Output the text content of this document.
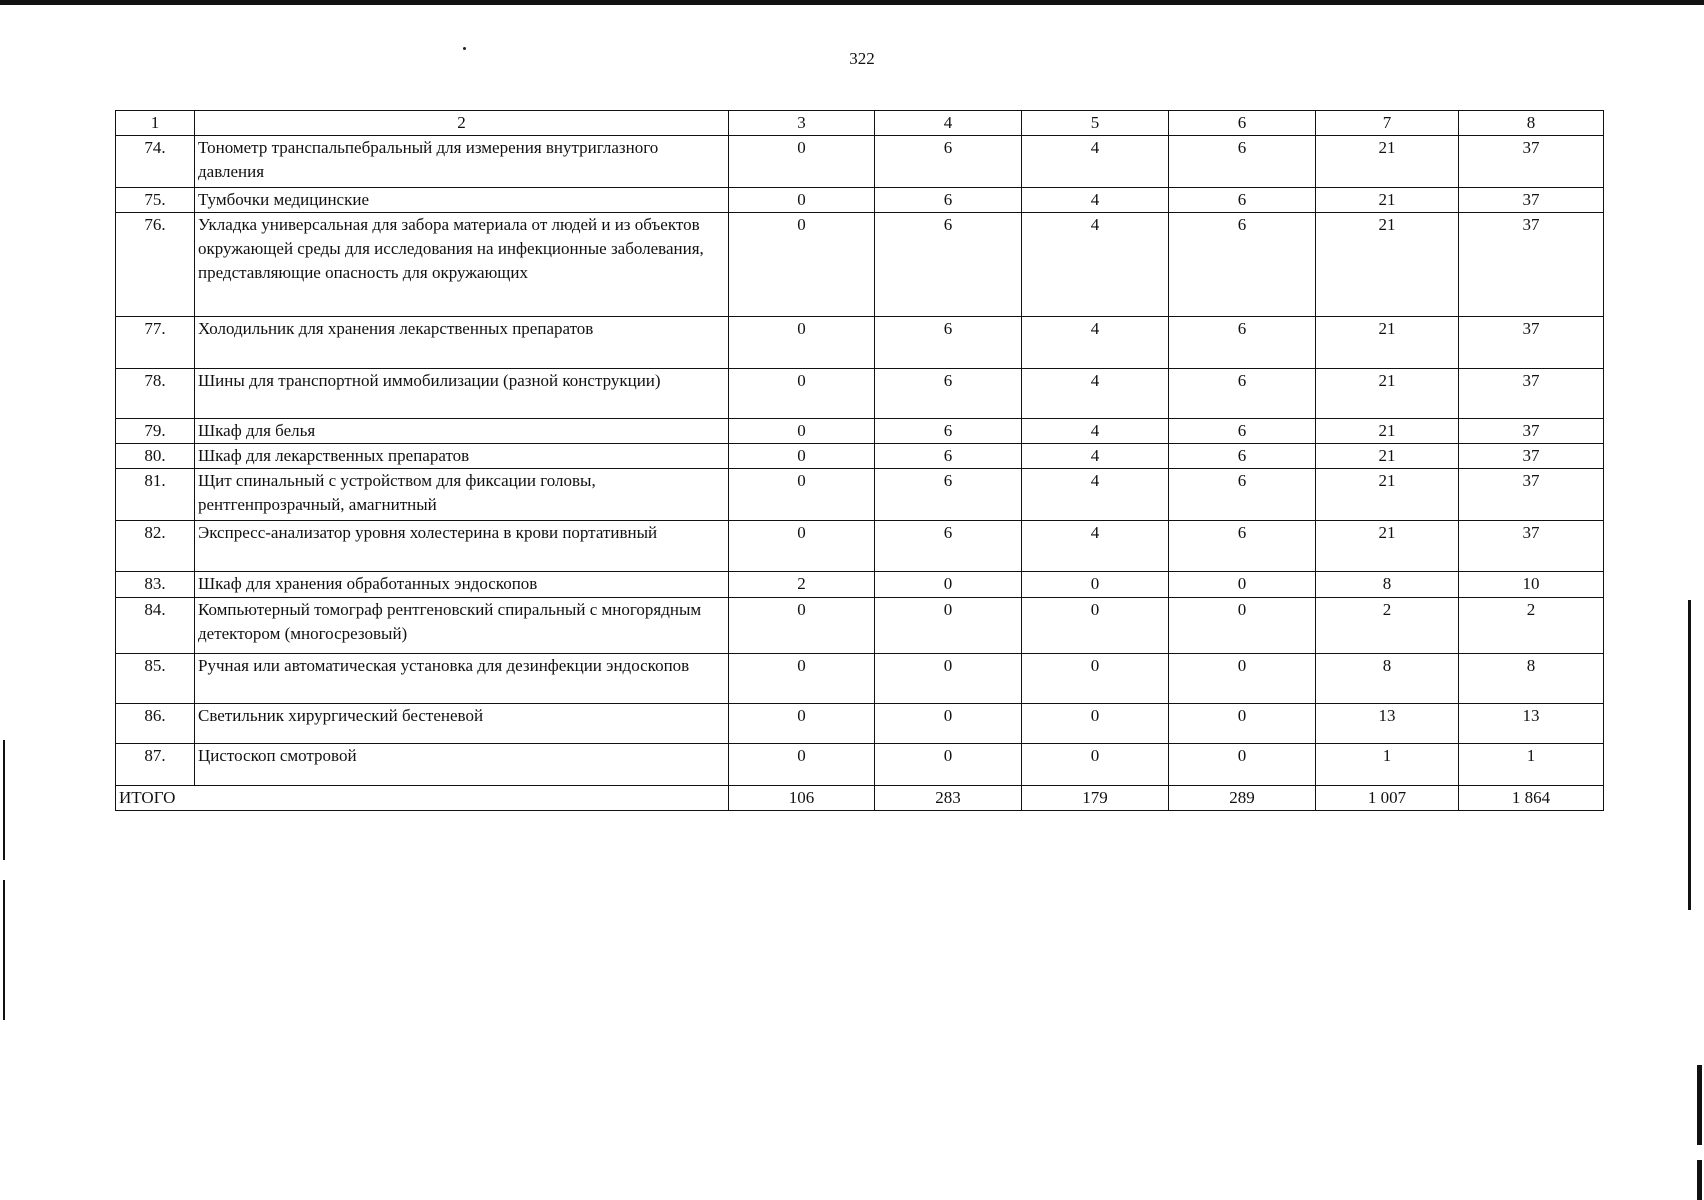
322
1	2	3	4	5	6	7	8
74.	Тонометр транспальпебральный для измерения внутриглазного давления	0	6	4	6	21	37
75.	Тумбочки медицинские	0	6	4	6	21	37
76.	Укладка универсальная для забора материала от людей и из объектов окружающей среды для исследования на инфекционные заболевания, представляющие опасность для окружающих	0	6	4	6	21	37
77.	Холодильник для хранения лекарственных препаратов	0	6	4	6	21	37
78.	Шины для транспортной иммобилизации (разной конструкции)	0	6	4	6	21	37
79.	Шкаф для белья	0	6	4	6	21	37
80.	Шкаф для лекарственных препаратов	0	6	4	6	21	37
81.	Щит спинальный с устройством для фиксации головы, рентгенпрозрачный, амагнитный	0	6	4	6	21	37
82.	Экспресс-анализатор уровня холестерина в крови портативный	0	6	4	6	21	37
83.	Шкаф для хранения обработанных эндоскопов	2	0	0	0	8	10
84.	Компьютерный томограф рентгеновский спиральный с многорядным детектором (многосрезовый)	0	0	0	0	2	2
85.	Ручная или автоматическая установка для дезинфекции эндоскопов	0	0	0	0	8	8
86.	Светильник хирургический бестеневой	0	0	0	0	13	13
87.	Цистоскоп смотровой	0	0	0	0	1	1
ИТОГО		106	283	179	289	1 007	1 864
